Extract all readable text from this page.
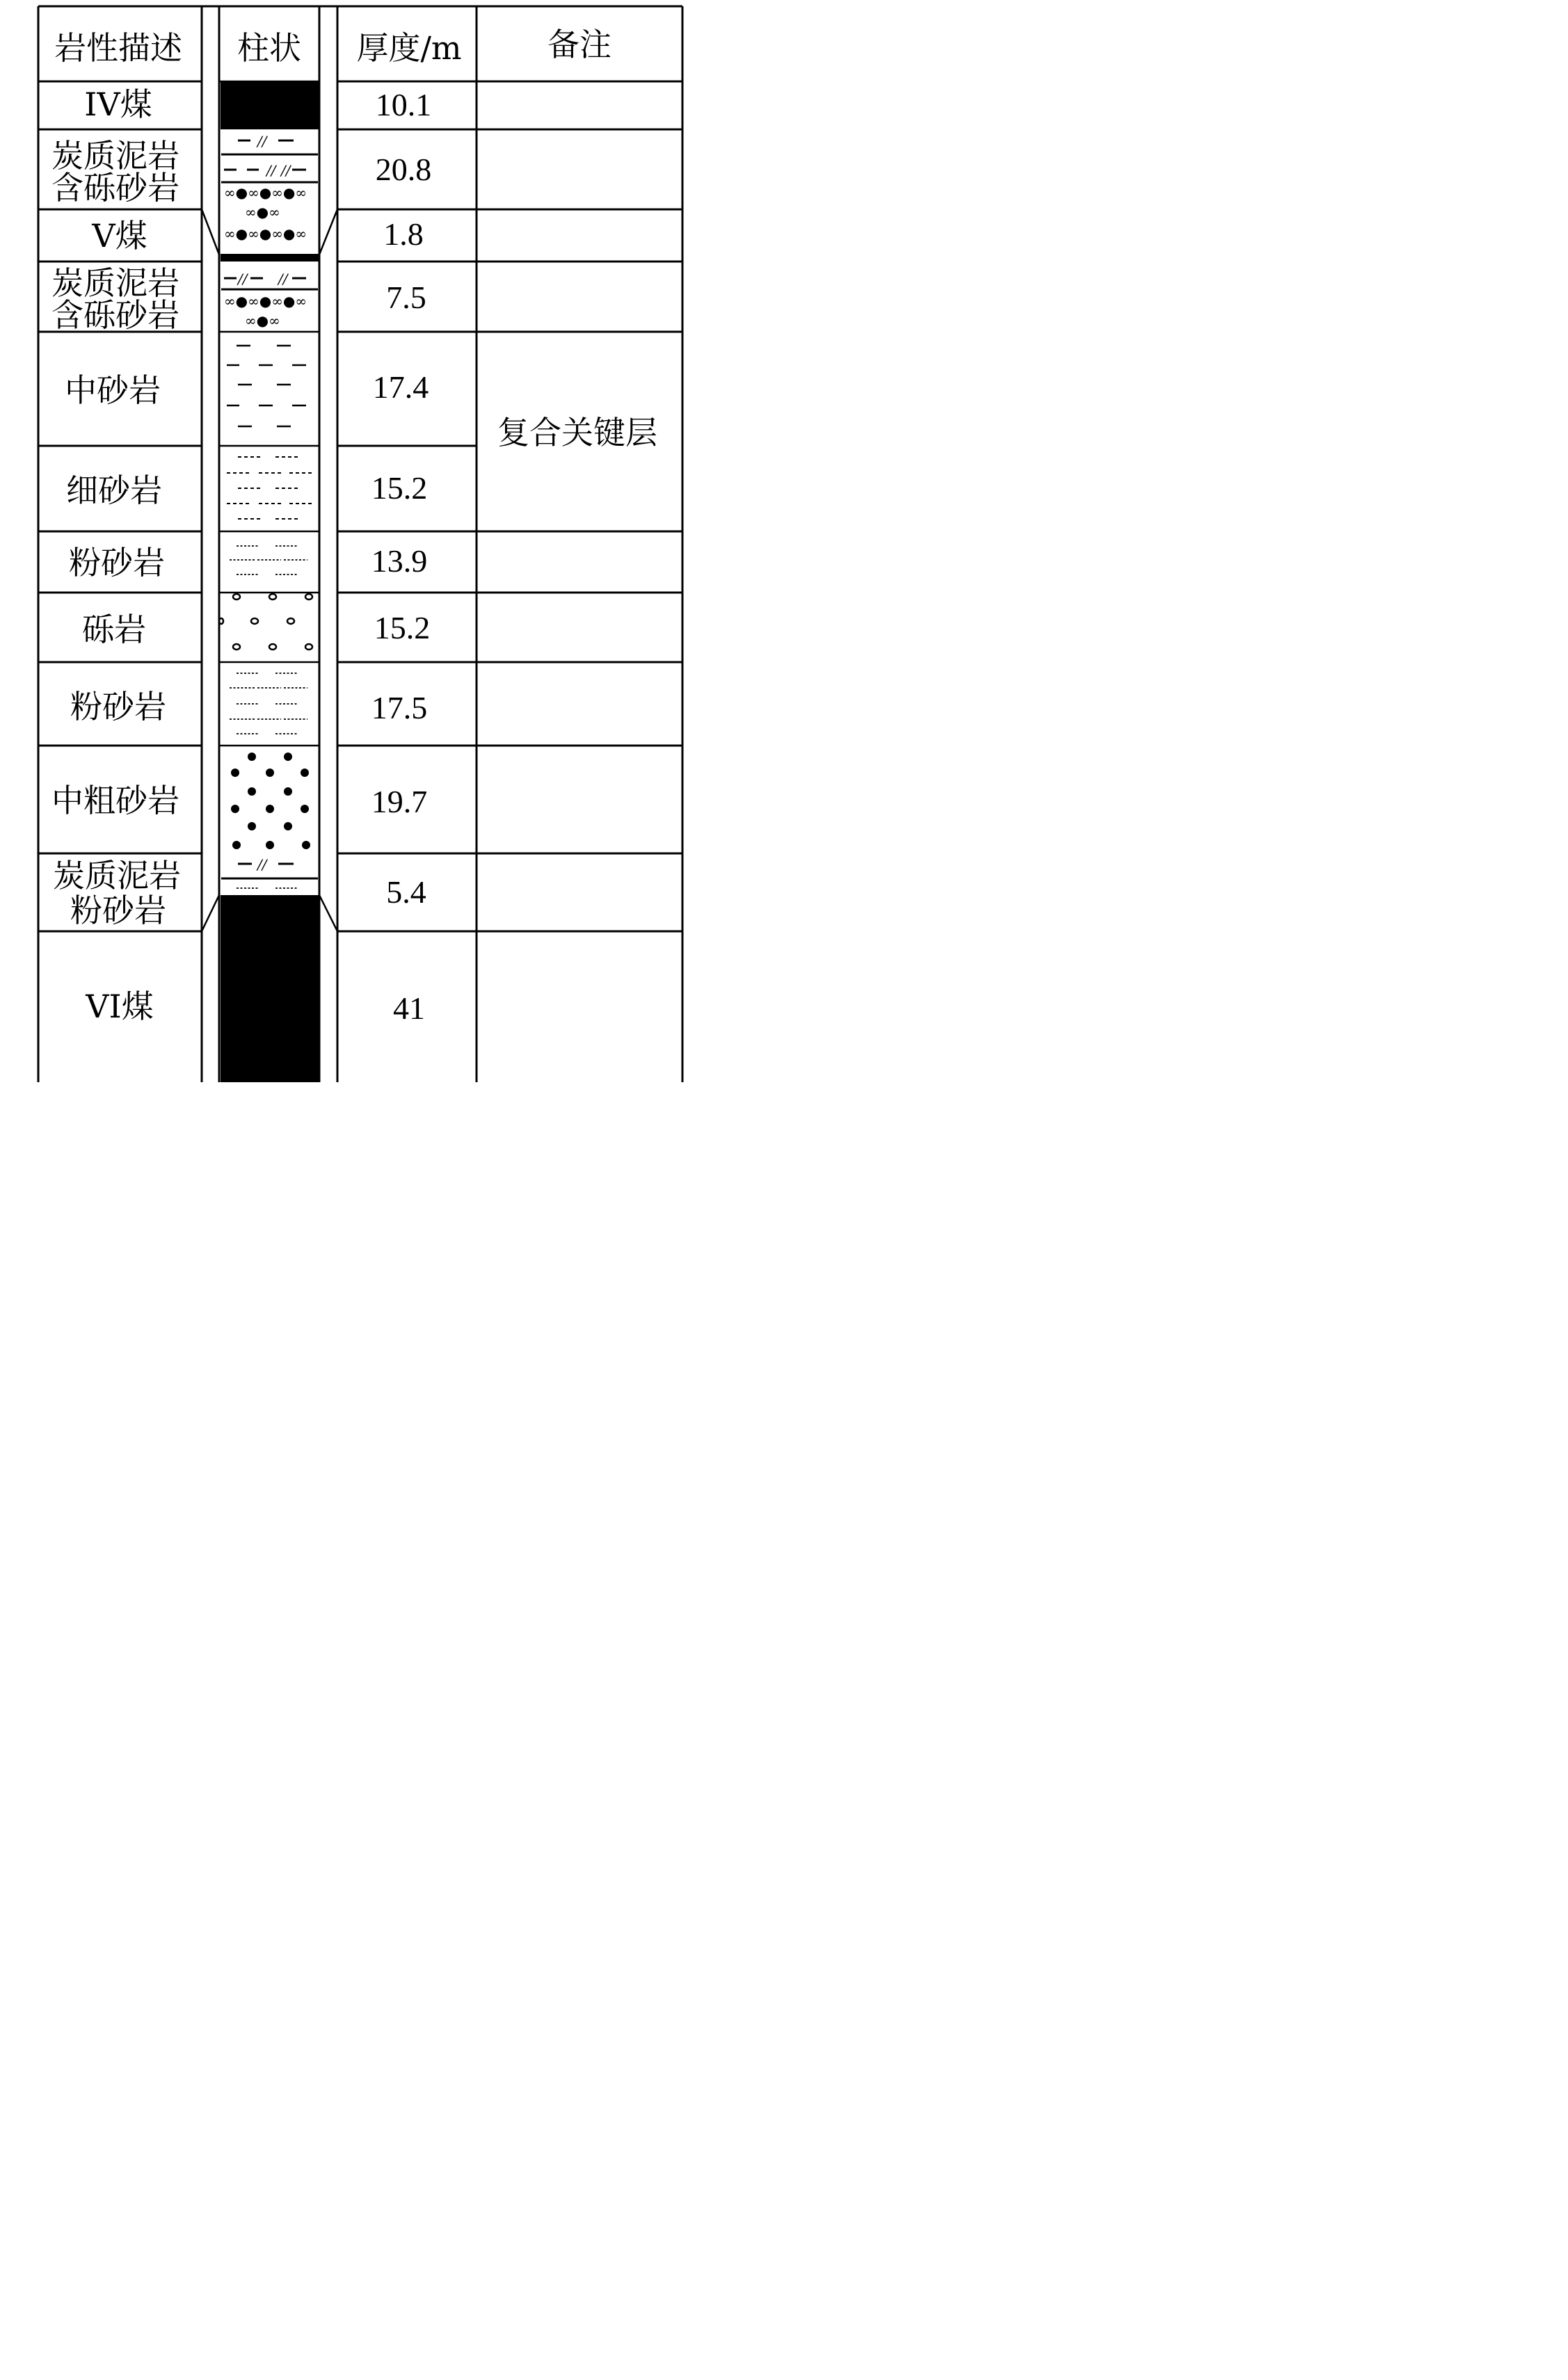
//
// //
∞●∞●∞●∞
∞●∞
∞●∞●∞●∞
// //
∞●∞●∞●∞
∞●∞
//
岩性描述 柱状 厚度/m	备注
IV煤
炭质泥岩
含砾砂岩
V煤
炭质泥岩
含砾砂岩
中砂岩
细砂岩
粉砂岩
砾岩
粉砂岩
中粗砂岩
炭质泥岩
粉砂岩
VI煤
10.1
20.8
1.8
7.5
17.4
15.2
13.9
15.2
17.5
19.7
5.4
41
复合关键层
